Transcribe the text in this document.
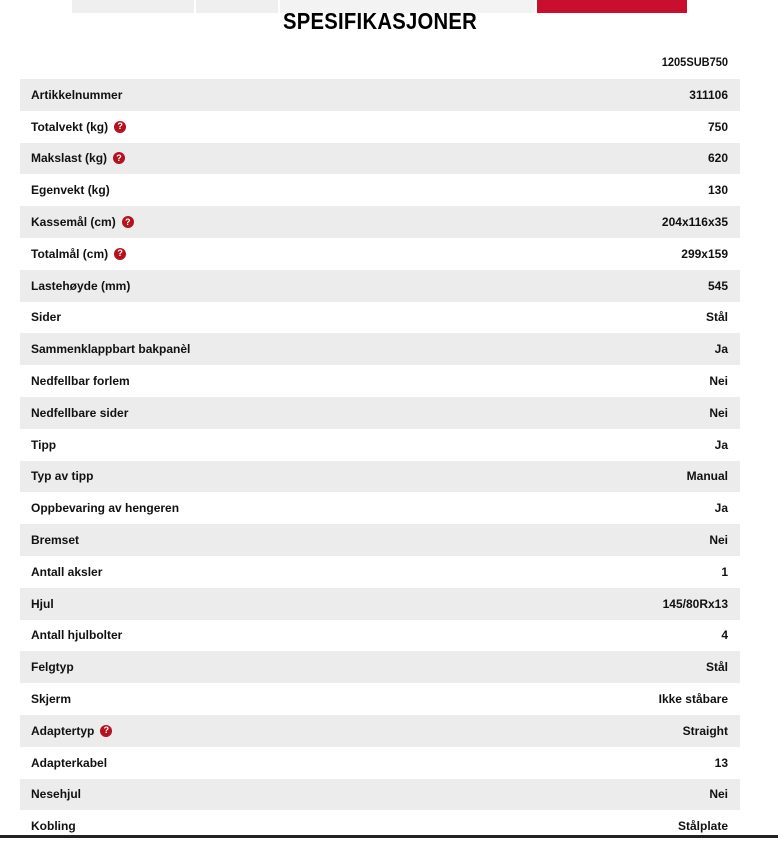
SPESIFIKASJONER
1205SUB750
Artikkelnummer	311106
Totalvekt (kg)	?	750
Makslast (kg)	?	620
Egenvekt (kg)	130
Kassemål (cm)	?	204x116x35
Totalmål (cm)	?	299x159
Lastehøyde (mm)	545
Sider	Stål
Sammenklappbart bakpanèl	Ja
Nedfellbar forlem	Nei
Nedfellbare sider	Nei
Tipp	Ja
Typ av tipp	Manual
Oppbevaring av hengeren	Ja
Bremset	Nei
Antall aksler	1
Hjul	145/80Rx13
Antall hjulbolter	4
Felgtyp	Stål
Skjerm	Ikke ståbare
Adaptertyp	?	Straight
Adapterkabel	13
Nesehjul	Nei
Kobling	Stålplate
